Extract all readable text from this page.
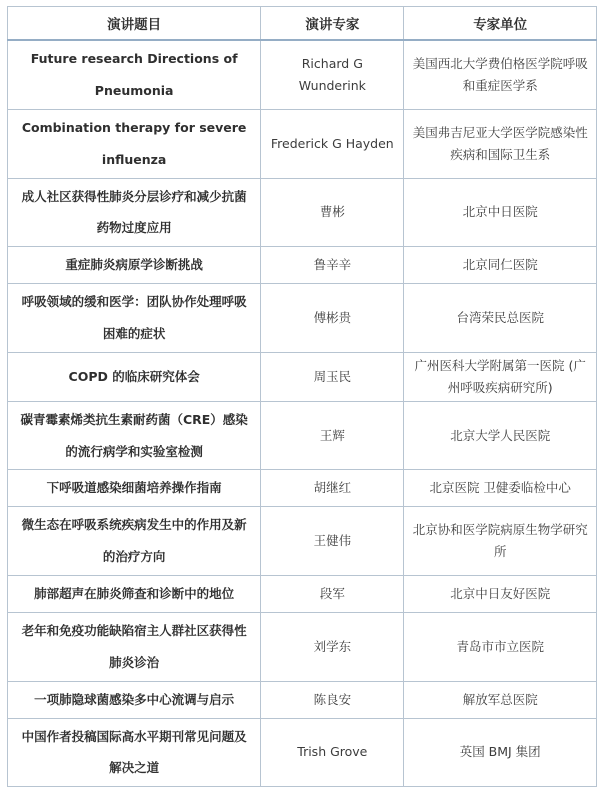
演讲题目	演讲专家	专家单位
Future research Directions of Pneumonia	Richard G Wunderink	美国西北大学费伯格医学院呼吸和重症医学系
Combination therapy for severe influenza	Frederick G Hayden	美国弗吉尼亚大学医学院感染性疾病和国际卫生系
成人社区获得性肺炎分层诊疗和减少抗菌药物过度应用	曹彬	北京中日医院
重症肺炎病原学诊断挑战	鲁辛辛	北京同仁医院
呼吸领域的缓和医学：团队协作处理呼吸困难的症状	傅彬贵	台湾荣民总医院
COPD 的临床研究体会	周玉民	广州医科大学附属第一医院 (广州呼吸疾病研究所)
碳青霉素烯类抗生素耐药菌（CRE）感染的流行病学和实验室检测	王辉	北京大学人民医院
下呼吸道感染细菌培养操作指南	胡继红	北京医院 卫健委临检中心
微生态在呼吸系统疾病发生中的作用及新的治疗方向	王健伟	北京协和医学院病原生物学研究所
肺部超声在肺炎筛查和诊断中的地位	段军	北京中日友好医院
老年和免疫功能缺陷宿主人群社区获得性肺炎诊治	刘学东	青岛市市立医院
一项肺隐球菌感染多中心流调与启示	陈良安	解放军总医院
中国作者投稿国际高水平期刊常见问题及解决之道	Trish Grove	英国 BMJ 集团
